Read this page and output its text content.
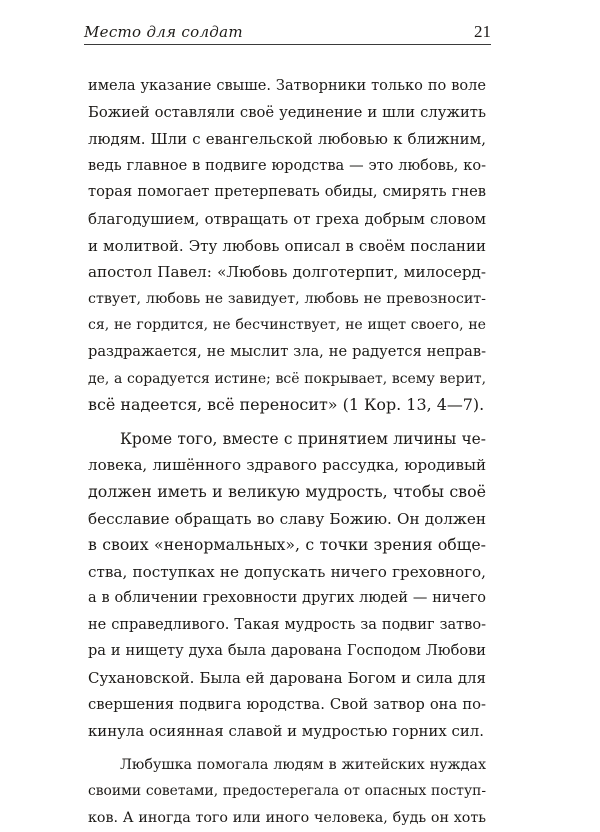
Место для солдат	21

имела указание свыше. Затворники только по воле
Божией оставляли своё уединение и шли служить
людям. Шли с евангельской любовью к ближним,
ведь главное в подвиге юродства — это любовь, ко-
торая помогает претерпевать обиды, смирять гнев
благодушием, отвращать от греха добрым словом
и молитвой. Эту любовь описал в своём послании
апостол Павел: «Любовь долготерпит, милосерд-
ствует, любовь не завидует, любовь не превозносит-
ся, не гордится, не бесчинствует, не ищет своего, не
раздражается, не мыслит зла, не радуется неправ-
де, а сорадуется истине; всё покрывает, всему верит,
всё надеется, всё переносит» (1 Кор. 13, 4—7).

Кроме того, вместе с принятием личины че-
ловека, лишённого здравого рассудка, юродивый
должен иметь и великую мудрость, чтобы своё
бесславие обращать во славу Божию. Он должен
в своих «ненормальных», с точки зрения обще-
ства, поступках не допускать ничего греховного,
а в обличении греховности других людей — ничего
не справедливого. Такая мудрость за подвиг затво-
ра и нищету духа была дарована Господом Любови
Сухановской. Была ей дарована Богом и сила для
свершения подвига юродства. Свой затвор она по-
кинула осиянная славой и мудростью горних сил.

Любушка помогала людям в житейских нуждах
своими советами, предостерегала от опасных поступ-
ков. А иногда того или иного человека, будь он хоть
